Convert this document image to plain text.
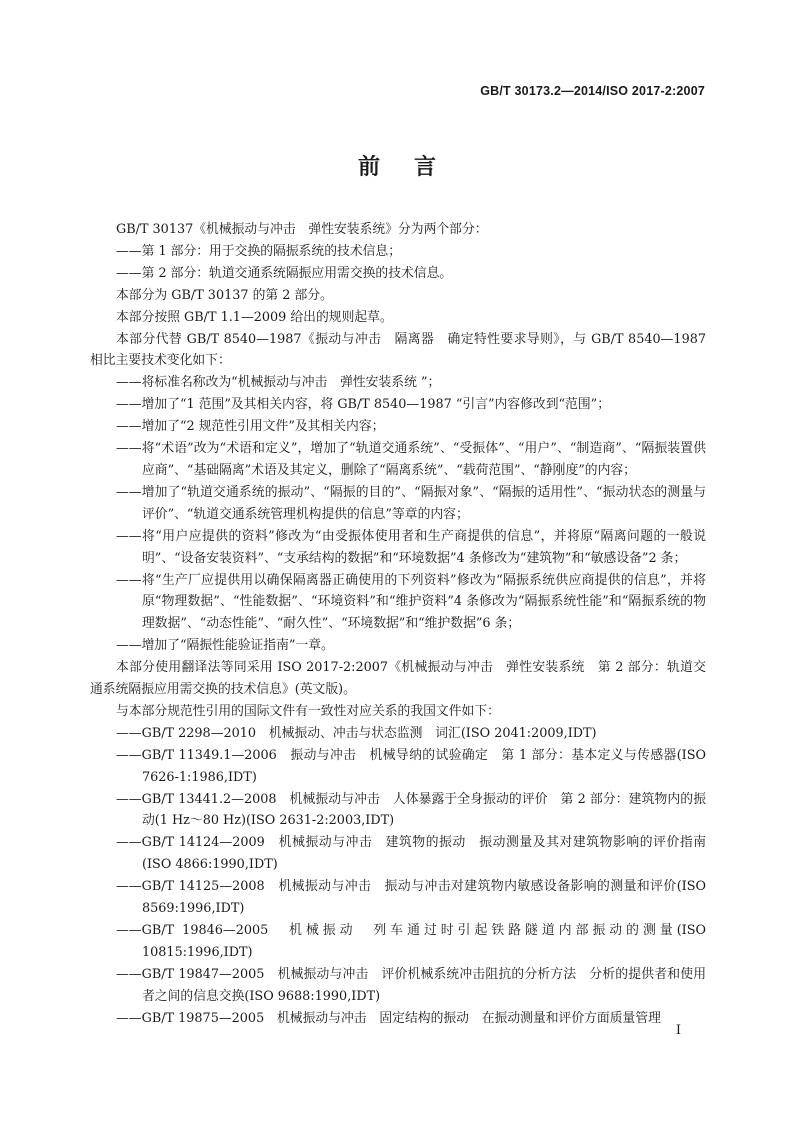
GB/T 30173.2—2014/ISO 2017-2:2007
前言

GB/T 30137《机械振动与冲击　弹性安装系统》分为两个部分：

——第 1 部分：用于交换的隔振系统的技术信息；

——第 2 部分：轨道交通系统隔振应用需交换的技术信息。

本部分为 GB/T 30137 的第 2 部分。

本部分按照 GB/T 1.1—2009 给出的规则起草。

本部分代替 GB/T 8540—1987《振动与冲击　隔离器　确定特性要求导则》，与 GB/T 8540—1987 相比主要技术变化如下：

——将标准名称改为“机械振动与冲击　弹性安装系统 ”；

——增加了“1 范围”及其相关内容，将 GB/T 8540—1987 “引言”内容修改到“范围”；

——增加了“2 规范性引用文件”及其相关内容；

——将“术语”改为“术语和定义”，增加了“轨道交通系统”、“受振体”、“用户”、“制造商”、“隔振装置供应商”、“基础隔离”术语及其定义，删除了“隔离系统”、“载荷范围”、“静刚度”的内容；

——增加了“轨道交通系统的振动”、“隔振的目的”、“隔振对象”、“隔振的适用性”、“振动状态的测量与评价”、“轨道交通系统管理机构提供的信息”等章的内容；

——将“用户应提供的资料”修改为“由受振体使用者和生产商提供的信息”，并将原“隔离问题的一般说明”、“设备安装资料”、“支承结构的数据”和“环境数据”4 条修改为“建筑物”和“敏感设备”2 条；

——将“生产厂应提供用以确保隔离器正确使用的下列资料”修改为“隔振系统供应商提供的信息”，并将原“物理数据”、“性能数据”、“环境资料”和“维护资料”4 条修改为“隔振系统性能”和“隔振系统的物理数据”、“动态性能”、“耐久性”、“环境数据”和“维护数据”6 条；

——增加了“隔振性能验证指南”一章。

本部分使用翻译法等同采用 ISO 2017-2:2007《机械振动与冲击　弹性安装系统　第 2 部分：轨道交通系统隔振应用需交换的技术信息》(英文版)。

与本部分规范性引用的国际文件有一致性对应关系的我国文件如下：

——GB/T 2298—2010　机械振动、冲击与状态监测　词汇(ISO 2041:2009,IDT)

——GB/T 11349.1—2006　振动与冲击　机械导纳的试验确定　第 1 部分：基本定义与传感器(ISO 7626-1:1986,IDT)

——GB/T 13441.2—2008　机械振动与冲击　人体暴露于全身振动的评价　第 2 部分：建筑物内的振动(1 Hz～80 Hz)(ISO 2631-2:2003,IDT)

——GB/T 14124—2009　机械振动与冲击　建筑物的振动　振动测量及其对建筑物影响的评价指南(ISO 4866:1990,IDT)

——GB/T 14125—2008　机械振动与冲击　振动与冲击对建筑物内敏感设备影响的测量和评价(ISO 8569:1996,IDT)

——GB/T 19846—2005　机械振动　列车通过时引起铁路隧道内部振动的测量(ISO 10815:1996,IDT)

——GB/T 19847—2005　机械振动与冲击　评价机械系统冲击阻抗的分析方法　分析的提供者和使用者之间的信息交换(ISO 9688:1990,IDT)

——GB/T 19875—2005　机械振动与冲击　固定结构的振动　在振动测量和评价方面质量管理

I
